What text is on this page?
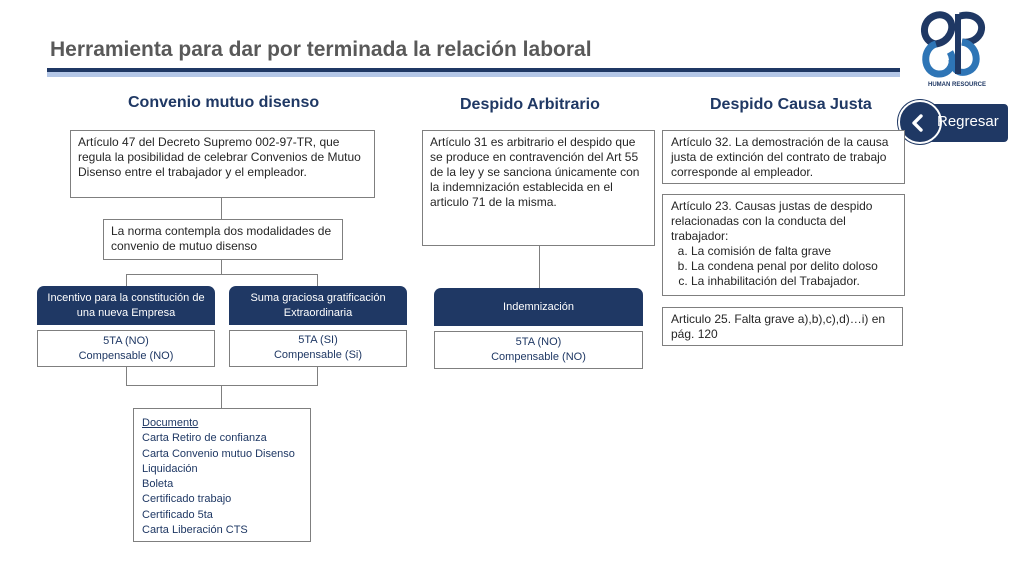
Herramienta para dar por terminada la relación laboral
HUMAN RESOURCE
Regresar
Convenio mutuo disenso	Despido Arbitrario	Despido Causa Justa

Artículo 47 del Decreto Supremo 002-97-TR, que regula la posibilidad de celebrar Convenios de Mutuo Disenso entre el trabajador y el empleador.

La norma contempla dos modalidades de convenio de mutuo disenso

Incentivo para la constitución de una nueva Empresa
5TA (NO)
Compensable (NO)
Suma graciosa gratificación Extraordinaria
5TA (SI)
Compensable (Si)
Documento
Carta Retiro de confianza
Carta Convenio mutuo Disenso
Liquidación
Boleta
Certificado trabajo
Certificado 5ta
Carta Liberación CTS

Artículo 31 es arbitrario el despido que se produce en contravención del Art 55 de la ley y se sanciona únicamente con la indemnización establecida en el articulo 71 de la misma.

Indemnización
5TA (NO)
Compensable (NO)

Artículo 32. La demostración de la causa justa de extinción del contrato de trabajo corresponde al empleador.

Artículo 23. Causas justas de despido relacionadas con la conducta del trabajador:

a. La comisión de falta grave
b. La condena penal por delito doloso
c. La inhabilitación del Trabajador.

Articulo 25. Falta grave a),b),c),d)…i) en pág. 120
